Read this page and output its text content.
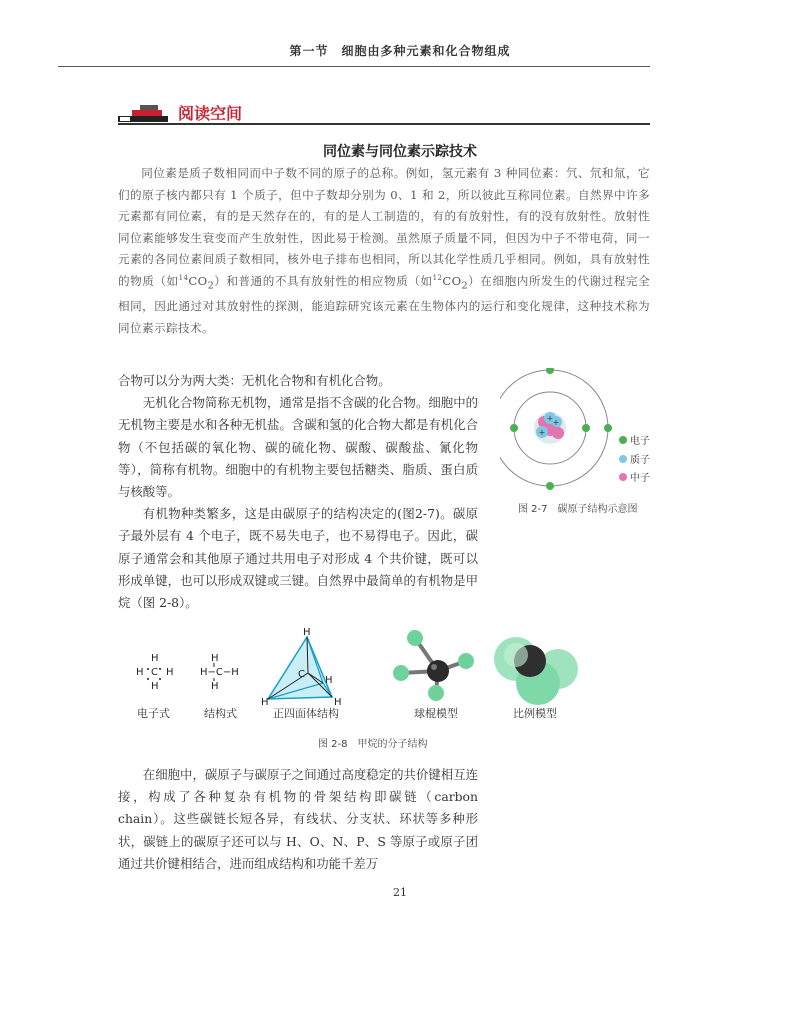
第一节　细胞由多种元素和化合物组成
阅读空间
同位素与同位素示踪技术

同位素是质子数相同而中子数不同的原子的总称。例如，氢元素有 3 种同位素：氕、氘和氚，它们的原子核内都只有 1 个质子，但中子数却分别为 0、1 和 2，所以彼此互称同位素。自然界中许多元素都有同位素，有的是天然存在的，有的是人工制造的，有的有放射性，有的没有放射性。放射性同位素能够发生衰变而产生放射性，因此易于检测。虽然原子质量不同，但因为中子不带电荷，同一元素的各同位素间质子数相同，核外电子排布也相同，所以其化学性质几乎相同。例如，具有放射性的物质（如$^{14}CO_2$）和普通的不具有放射性的相应物质（如$^{12}CO_2$）在细胞内所发生的代谢过程完全相同，因此通过对其放射性的探测，能追踪研究该元素在生物体内的运行和变化规律，这种技术称为同位素示踪技术。

合物可以分为两大类：无机化合物和有机化合物。

无机化合物简称无机物，通常是指不含碳的化合物。细胞中的无机物主要是水和各种无机盐。含碳和氢的化合物大都是有机化合物（不包括碳的氧化物、碳的硫化物、碳酸、碳酸盐、氰化物等），简称有机物。细胞中的有机物主要包括糖类、脂质、蛋白质与核酸等。

有机物种类繁多，这是由碳原子的结构决定的(图2-7)。碳原子最外层有 4 个电子，既不易失电子，也不易得电子。因此，碳原子通常会和其他原子通过共用电子对形成 4 个共价键，既可以形成单键，也可以形成双键或三键。自然界中最简单的有机物是甲烷（图 2-8）。

+
+
+
电子
质子
中子
图 2-7　碳原子结构示意图
H
H C H
H
H
H−C−H
H
H
C
H
H	H
电子式	结构式	正四面体结构	球棍模型	比例模型
图 2-8　甲烷的分子结构

在细胞中，碳原子与碳原子之间通过高度稳定的共价键相互连接，构成了各种复杂有机物的骨架结构即碳链（carbon chain）。这些碳链长短各异，有线状、分支状、环状等多种形状，碳链上的碳原子还可以与 H、O、N、P、S 等原子或原子团通过共价键相结合，进而组成结构和功能千差万

21
